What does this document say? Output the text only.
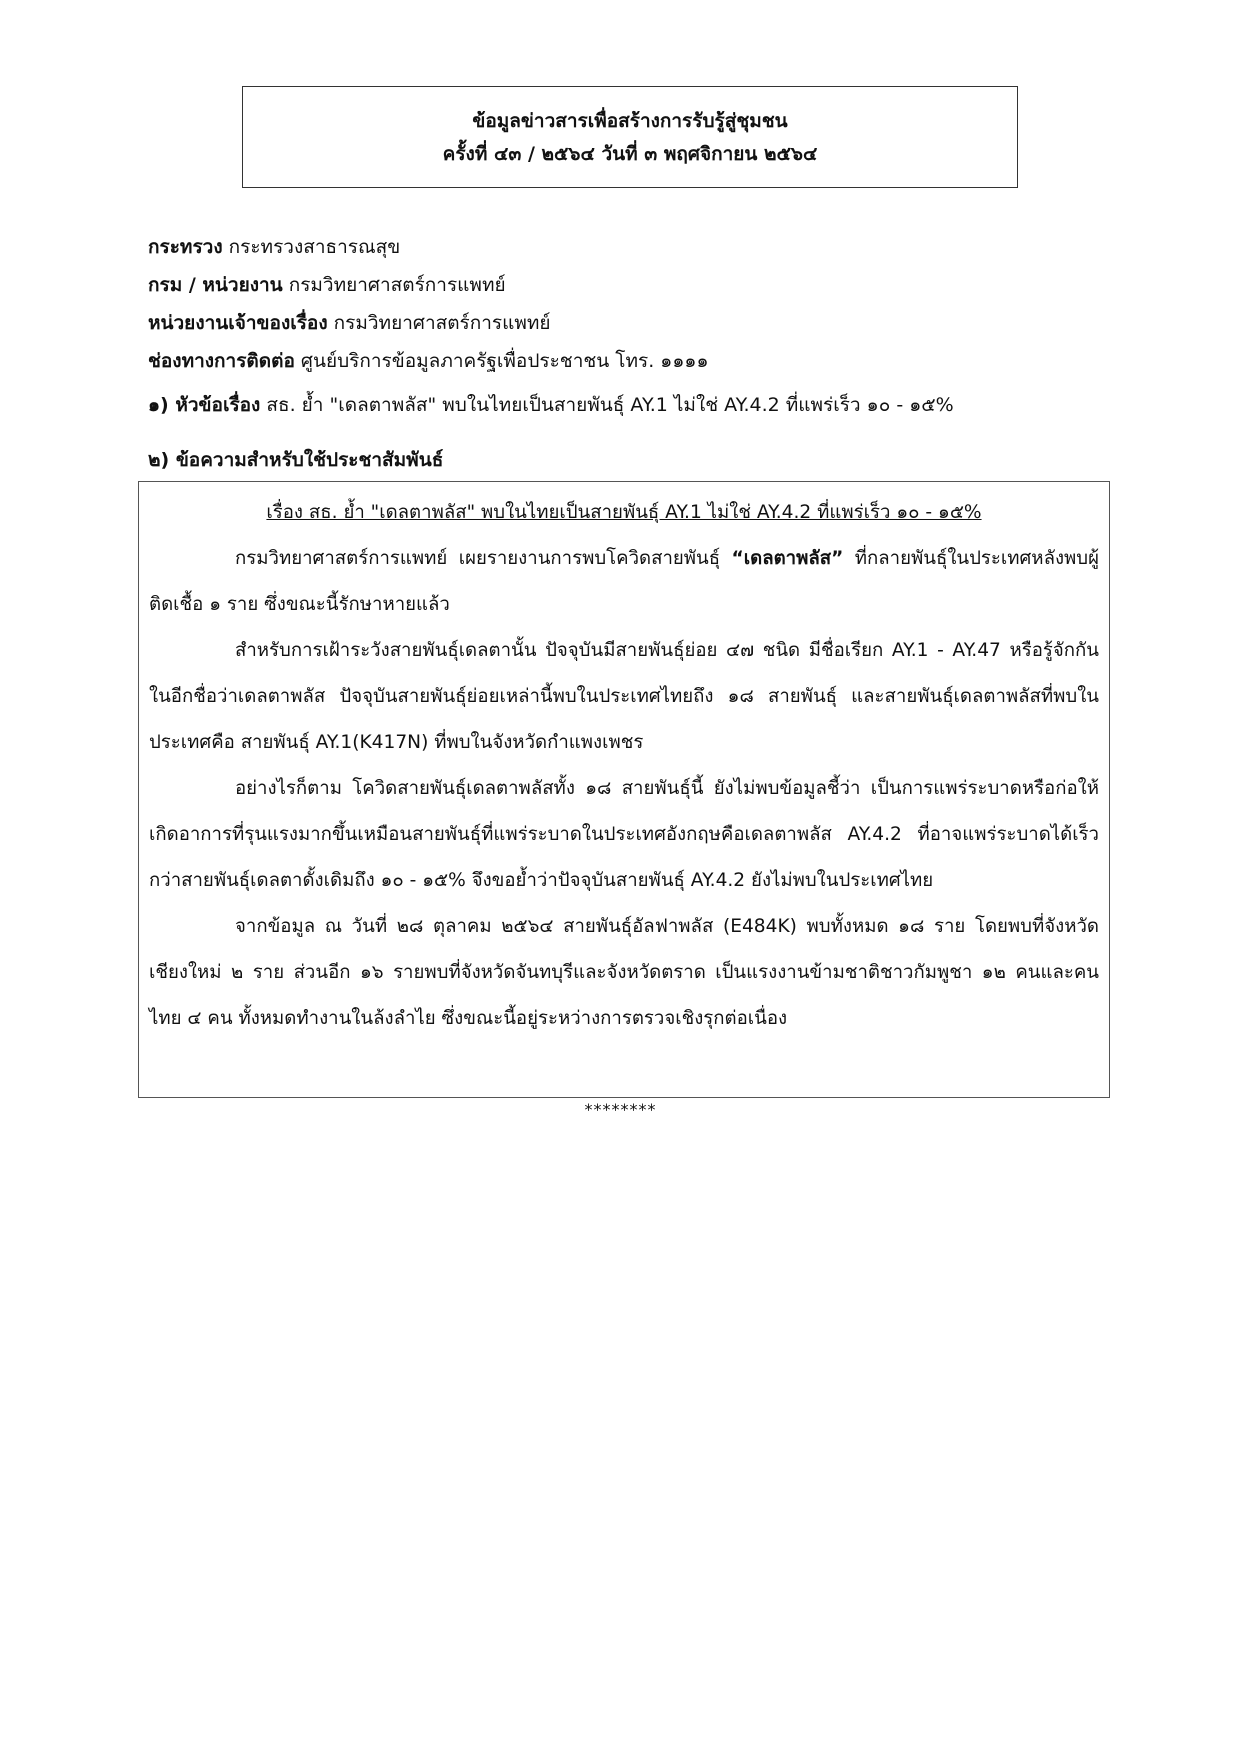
ข้อมูลข่าวสารเพื่อสร้างการรับรู้สู่ชุมชน
ครั้งที่ ๔๓ / ๒๕๖๔ วันที่ ๓ พฤศจิกายน ๒๕๖๔
กระทรวง กระทรวงสาธารณสุข
กรม / หน่วยงาน กรมวิทยาศาสตร์การแพทย์
หน่วยงานเจ้าของเรื่อง กรมวิทยาศาสตร์การแพทย์
ช่องทางการติดต่อ ศูนย์บริการข้อมูลภาครัฐเพื่อประชาชน โทร. ๑๑๑๑
๑) หัวข้อเรื่อง สธ. ย้ำ "เดลตาพลัส" พบในไทยเป็นสายพันธุ์ AY.1 ไม่ใช่ AY.4.2 ที่แพร่เร็ว ๑๐ - ๑๕%
๒) ข้อความสำหรับใช้ประชาสัมพันธ์
เรื่อง สธ. ย้ำ "เดลตาพลัส" พบในไทยเป็นสายพันธุ์ AY.1 ไม่ใช่ AY.4.2 ที่แพร่เร็ว ๑๐ - ๑๕%

กรมวิทยาศาสตร์การแพทย์ เผยรายงานการพบโควิดสายพันธุ์ “เดลตาพลัส” ที่กลายพันธุ์ในประเทศหลังพบผู้ติดเชื้อ ๑ ราย ซึ่งขณะนี้รักษาหายแล้ว

สำหรับการเฝ้าระวังสายพันธุ์เดลตานั้น ปัจจุบันมีสายพันธุ์ย่อย ๔๗ ชนิด มีชื่อเรียก AY.1 - AY.47 หรือรู้จักกันในอีกชื่อว่าเดลตาพลัส ปัจจุบันสายพันธุ์ย่อยเหล่านี้พบในประเทศไทยถึง ๑๘ สายพันธุ์ และสายพันธุ์เดลตาพลัสที่พบในประเทศคือ สายพันธุ์ AY.1(K417N) ที่พบในจังหวัดกำแพงเพชร

อย่างไรก็ตาม โควิดสายพันธุ์เดลตาพลัสทั้ง ๑๘ สายพันธุ์นี้ ยังไม่พบข้อมูลชี้ว่า เป็นการแพร่ระบาดหรือก่อให้เกิดอาการที่รุนแรงมากขึ้นเหมือนสายพันธุ์ที่แพร่ระบาดในประเทศอังกฤษคือเดลตาพลัส AY.4.2 ที่อาจแพร่ระบาดได้เร็วกว่าสายพันธุ์เดลตาดั้งเดิมถึง ๑๐ - ๑๕% จึงขอย้ำว่าปัจจุบันสายพันธุ์ AY.4.2 ยังไม่พบในประเทศไทย

จากข้อมูล ณ วันที่ ๒๘ ตุลาคม ๒๕๖๔ สายพันธุ์อัลฟาพลัส (E484K) พบทั้งหมด ๑๘ ราย โดยพบที่จังหวัดเชียงใหม่ ๒ ราย ส่วนอีก ๑๖ รายพบที่จังหวัดจันทบุรีและจังหวัดตราด เป็นแรงงานข้ามชาติชาวกัมพูชา ๑๒ คนและคนไทย ๔ คน ทั้งหมดทำงานในล้งลำไย ซึ่งขณะนี้อยู่ระหว่างการตรวจเชิงรุกต่อเนื่อง

********
